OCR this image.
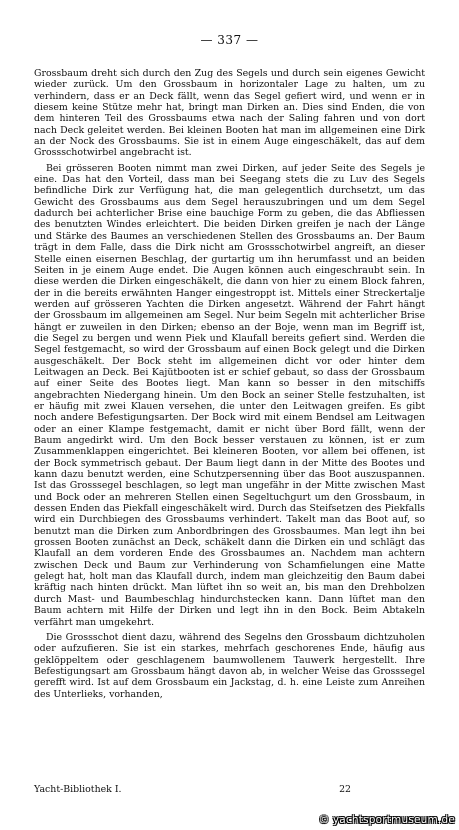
— 337 —

Grossbaum dreht sich durch den Zug des Segels und durch sein eigenes Gewicht wieder zurück. Um den Grossbaum in horizontaler Lage zu halten, um zu verhindern, dass er an Deck fällt, wenn das Segel gefiert wird, und wenn er in diesem keine Stütze mehr hat, bringt man Dirken an. Dies sind Enden, die von dem hinteren Teil des Grossbaums etwa nach der Saling fahren und von dort nach Deck geleitet werden. Bei kleinen Booten hat man im allgemeinen eine Dirk an der Nock des Grossbaums. Sie ist in einem Auge eingeschäkelt, das auf dem Grossschotwirbel angebracht ist.

Bei grösseren Booten nimmt man zwei Dirken, auf jeder Seite des Segels je eine. Das hat den Vorteil, dass man bei Seegang stets die zu Luv des Segels befindliche Dirk zur Verfügung hat, die man gelegentlich durchsetzt, um das Gewicht des Grossbaums aus dem Segel herauszubringen und um dem Segel dadurch bei achterlicher Brise eine bauchige Form zu geben, die das Abfliessen des benutzten Windes erleichtert. Die beiden Dirken greifen je nach der Länge und Stärke des Baumes an verschiedenen Stellen des Grossbaums an. Der Baum trägt in dem Falle, dass die Dirk nicht am Grossschotwirbel angreift, an dieser Stelle einen eisernen Beschlag, der gurtartig um ihn herumfasst und an beiden Seiten in je einem Auge endet. Die Augen können auch eingeschraubt sein. In diese werden die Dirken eingeschäkelt, die dann von hier zu einem Block fahren, der in die bereits erwähnten Hanger eingestroppt ist. Mittels einer Streckertalje werden auf grösseren Yachten die Dirken angesetzt. Während der Fahrt hängt der Grossbaum im allgemeinen am Segel. Nur beim Segeln mit achterlicher Brise hängt er zuweilen in den Dirken; ebenso an der Boje, wenn man im Begriff ist, die Segel zu bergen und wenn Piek und Klaufall bereits gefiert sind. Werden die Segel festgemacht, so wird der Grossbaum auf einen Bock gelegt und die Dirken ausgeschäkelt. Der Bock steht im allgemeinen dicht vor oder hinter dem Leitwagen an Deck. Bei Kajütbooten ist er schief gebaut, so dass der Grossbaum auf einer Seite des Bootes liegt. Man kann so besser in den mitschiffs angebrachten Niedergang hinein. Um den Bock an seiner Stelle festzuhalten, ist er häufig mit zwei Klauen versehen, die unter den Leitwagen greifen. Es gibt noch andere Befestigungsarten. Der Bock wird mit einem Bendsel am Leitwagen oder an einer Klampe festgemacht, damit er nicht über Bord fällt, wenn der Baum angedirkt wird. Um den Bock besser verstauen zu können, ist er zum Zusammenklappen eingerichtet. Bei kleineren Booten, vor allem bei offenen, ist der Bock symmetrisch gebaut. Der Baum liegt dann in der Mitte des Bootes und kann dazu benutzt werden, eine Schutzpersenning über das Boot auszuspannen. Ist das Grosssegel beschlagen, so legt man ungefähr in der Mitte zwischen Mast und Bock oder an mehreren Stellen einen Segeltuchgurt um den Grossbaum, in dessen Enden das Piekfall eingeschäkelt wird. Durch das Steifsetzen des Piekfalls wird ein Durchbiegen des Grossbaums verhindert. Takelt man das Boot auf, so benutzt man die Dirken zum Anbordbringen des Grossbaumes. Man legt ihn bei grossen Booten zunächst an Deck, schäkelt dann die Dirken ein und schlägt das Klaufall an dem vorderen Ende des Grossbaumes an. Nachdem man achtern zwischen Deck und Baum zur Verhinderung von Schamfielungen eine Matte gelegt hat, holt man das Klaufall durch, indem man gleichzeitig den Baum dabei kräftig nach hinten drückt. Man lüftet ihn so weit an, bis man den Drehbolzen durch Mast- und Baumbeschlag hindurchstecken kann. Dann lüftet man den Baum achtern mit Hilfe der Dirken und legt ihn in den Bock. Beim Abtakeln verfährt man umgekehrt.

Die Grossschot dient dazu, während des Segelns den Grossbaum dichtzuholen oder aufzufieren. Sie ist ein starkes, mehrfach geschorenes Ende, häufig aus geklöppeltem oder geschlagenem baumwollenem Tauwerk hergestellt. Ihre Befestigungsart am Grossbaum hängt davon ab, in welcher Weise das Grosssegel gerefft wird. Ist auf dem Grossbaum ein Jackstag, d. h. eine Leiste zum Anreihen des Unterlieks, vorhanden,

Yacht-Bibliothek I.	22
© yachtsportmuseum.de
